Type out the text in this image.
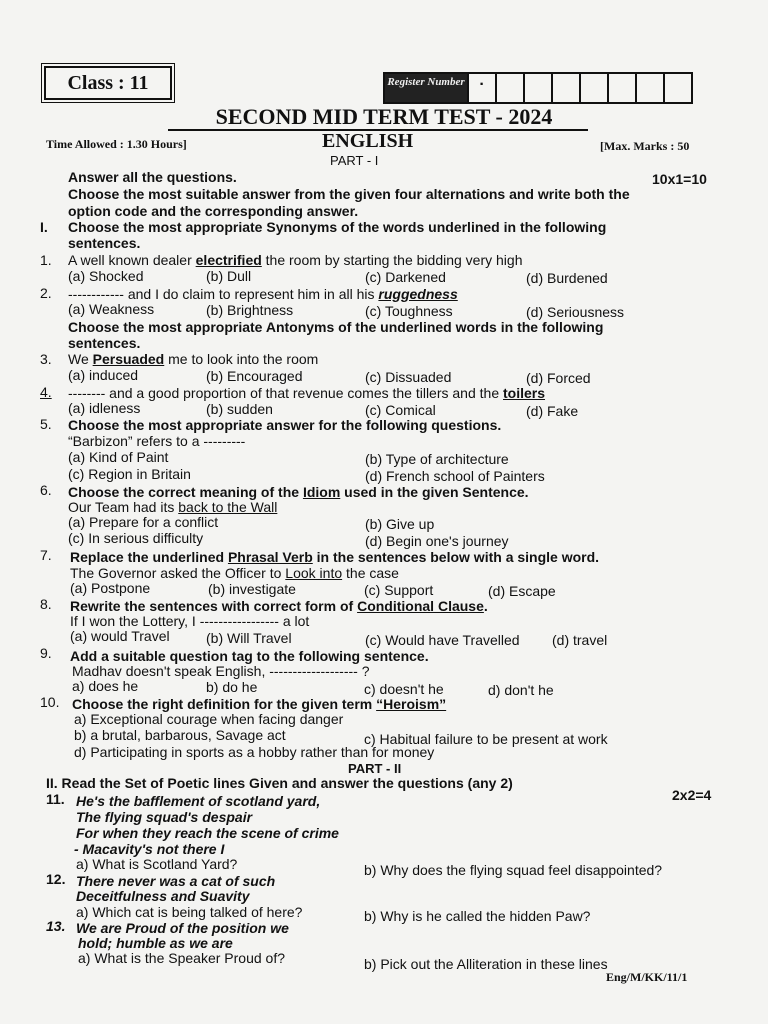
Class : 11	Register Number ·
SECOND MID TERM TEST - 2024
Time Allowed : 1.30 Hours]	ENGLISH	[Max. Marks : 50
PART - I
Answer all the questions.	10x1=10
Choose the most suitable answer from the given four alternations and write both the
option code and the corresponding answer.
I. Choose the most appropriate Synonyms of the words underlined in the following
sentences.
1. A well known dealer electrified the room by starting the bidding very high
(a) Shocked	(b) Dull	(c) Darkened	(d) Burdened
2. ------------ and I do claim to represent him in all his ruggedness
(a) Weakness	(b) Brightness	(c) Toughness	(d) Seriousness
Choose the most appropriate Antonyms of the underlined words in the following
sentences.
3. We Persuaded me to look into the room
(a) induced	(b) Encouraged	(c) Dissuaded	(d) Forced
4. -------- and a good proportion of that revenue comes the tillers and the toilers
(a) idleness	(b) sudden	(c) Comical	(d) Fake
5. Choose the most appropriate answer for the following questions.
“Barbizon” refers to a ---------
(a) Kind of Paint	(b) Type of architecture
(c) Region in Britain	(d) French school of Painters
6. Choose the correct meaning of the Idiom used in the given Sentence.
Our Team had its back to the Wall
(a) Prepare for a conflict	(b) Give up
(c) In serious difficulty	(d) Begin one's journey
7. Replace the underlined Phrasal Verb in the sentences below with a single word.
The Governor asked the Officer to Look into the case
(a) Postpone	(b) investigate	(c) Support	(d) Escape
8. Rewrite the sentences with correct form of Conditional Clause.
If I won the Lottery, I ----------------- a lot
(a) would Travel	(b) Will Travel	(c) Would have Travelled (d) travel
9. Add a suitable question tag to the following sentence.
Madhav doesn't speak English, ------------------- ?
a) does he	b) do he	c) doesn't he	d) don't he
10. Choose the right definition for the given term “Heroism”
a) Exceptional courage when facing danger
b) a brutal, barbarous, Savage act	c) Habitual failure to be present at work
d) Participating in sports as a hobby rather than for money
PART - II
II. Read the Set of Poetic lines Given and answer the questions (any 2)
2x2=4
11. He's the bafflement of scotland yard,
The flying squad's despair
For when they reach the scene of crime
- Macavity's not there I
a) What is Scotland Yard?	b) Why does the flying squad feel disappointed?
12. There never was a cat of such
Deceitfulness and Suavity
a) Which cat is being talked of here?	b) Why is he called the hidden Paw?
13. We are Proud of the position we
hold; humble as we are
a) What is the Speaker Proud of?	b) Pick out the Alliteration in these lines
Eng/M/KK/11/1
